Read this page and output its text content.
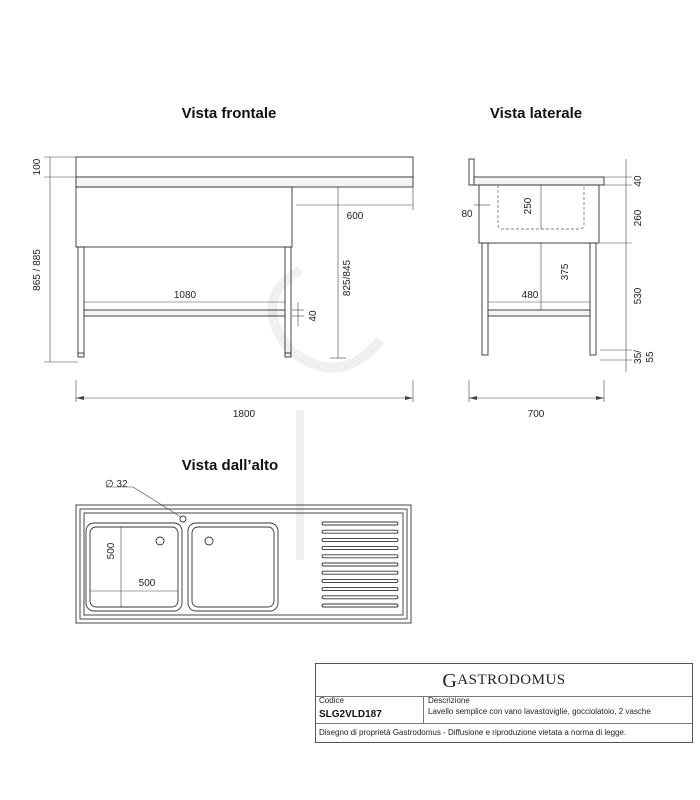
Vista frontale	Vista laterale
Vista dall’alto
100
865 / 885
600
825/845
1080
40
1800
80
250
375
480
40
260
530
35/ 55
700
∅ 32
500
500
G ASTRODOMUS
Codice
SLG2VLD187
Descrizione
Lavello semplice con vano lavastoviglie, gocciolatoio, 2 vasche
Disegno di proprietà Gastrodomus - Diffusione e riproduzione vietata a norma di legge.
